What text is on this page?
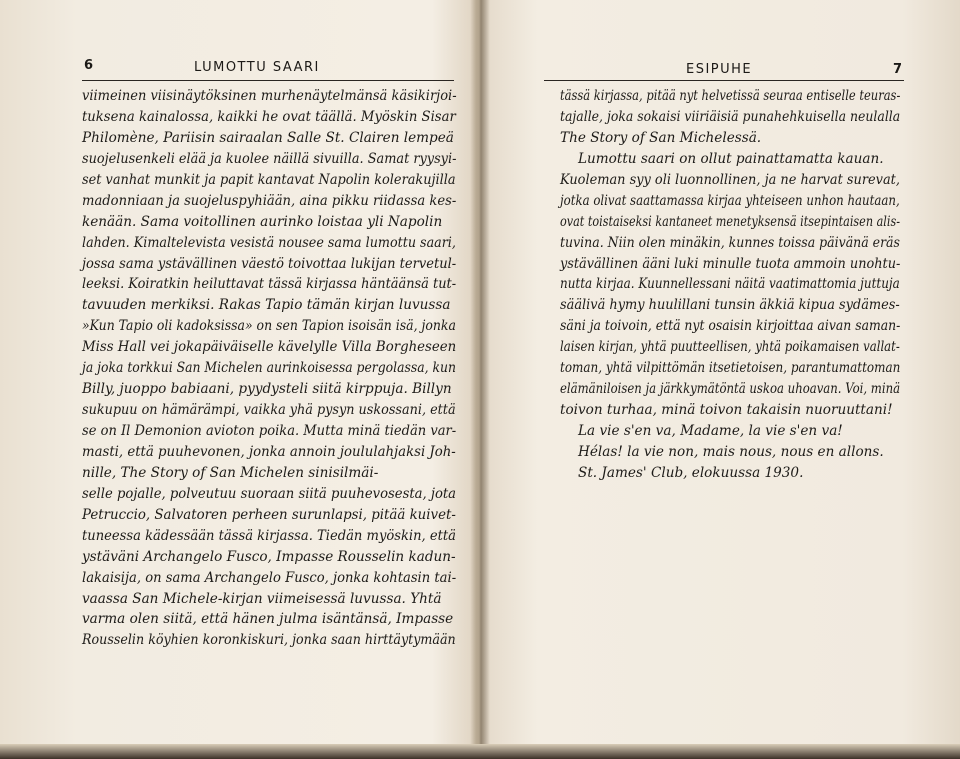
6	LUMOTTU SAARI
viimeinen viisinäytöksinen murhenäytelmänsä käsikirjoi-
tuksena kainalossa, kaikki he ovat täällä. Myöskin Sisar
Philomène, Pariisin sairaalan Salle St. Clairen lempeä
suojelusenkeli elää ja kuolee näillä sivuilla. Samat ryysyi-
set vanhat munkit ja papit kantavat Napolin kolerakujilla
madonniaan ja suojeluspyhiään, aina pikku riidassa kes-
kenään. Sama voitollinen aurinko loistaa yli Napolin
lahden. Kimaltelevista vesistä nousee sama lumottu saari,
jossa sama ystävällinen väestö toivottaa lukijan tervetul-
leeksi. Koiratkin heiluttavat tässä kirjassa häntäänsä tut-
tavuuden merkiksi. Rakas Tapio tämän kirjan luvussa
»Kun Tapio oli kadoksissa» on sen Tapion isoisän isä, jonka
Miss Hall vei jokapäiväiselle kävelylle Villa Borgheseen
ja joka torkkui San Michelen aurinkoisessa pergolassa, kun
Billy, juoppo babiaani, pyydysteli siitä kirppuja. Billyn
sukupuu on hämärämpi, vaikka yhä pysyn uskossani, että
se on Il Demonion avioton poika. Mutta minä tiedän var-
masti, että puuhevonen, jonka annoin joululahjaksi Joh-
nille, The Story of San Michelen sinisilmäi-
selle pojalle, polveutuu suoraan siitä puuhevosesta, jota
Petruccio, Salvatoren perheen surunlapsi, pitää kuivet-
tuneessa kädessään tässä kirjassa. Tiedän myöskin, että
ystäväni Archangelo Fusco, Impasse Rousselin kadun-
lakaisija, on sama Archangelo Fusco, jonka kohtasin tai-
vaassa San Michele-kirjan viimeisessä luvussa. Yhtä
varma olen siitä, että hänen julma isäntänsä, Impasse
Rousselin köyhien koronkiskuri, jonka saan hirttäytymään
ESIPUHE	7
tässä kirjassa, pitää nyt helvetissä seuraa entiselle teuras-
tajalle, joka sokaisi viiriäisiä punahehkuisella neulalla
The Story of San Michelessä.
Lumottu saari on ollut painattamatta kauan.
Kuoleman syy oli luonnollinen, ja ne harvat surevat,
jotka olivat saattamassa kirjaa yhteiseen unhon hautaan,
ovat toistaiseksi kantaneet menetyksensä itsepintaisen alis-
tuvina. Niin olen minäkin, kunnes toissa päivänä eräs
ystävällinen ääni luki minulle tuota ammoin unohtu-
nutta kirjaa. Kuunnellessani näitä vaatimattomia juttuja
säälivä hymy huulillani tunsin äkkiä kipua sydämes-
säni ja toivoin, että nyt osaisin kirjoittaa aivan saman-
laisen kirjan, yhtä puutteellisen, yhtä poikamaisen vallat-
toman, yhtä vilpittömän itsetietoisen, parantumattoman
elämäniloisen ja järkkymätöntä uskoa uhoavan. Voi, minä
toivon turhaa, minä toivon takaisin nuoruuttani!
La vie s'en va, Madame, la vie s'en va!
Hélas! la vie non, mais nous, nous en allons.
St. James' Club, elokuussa 1930.
